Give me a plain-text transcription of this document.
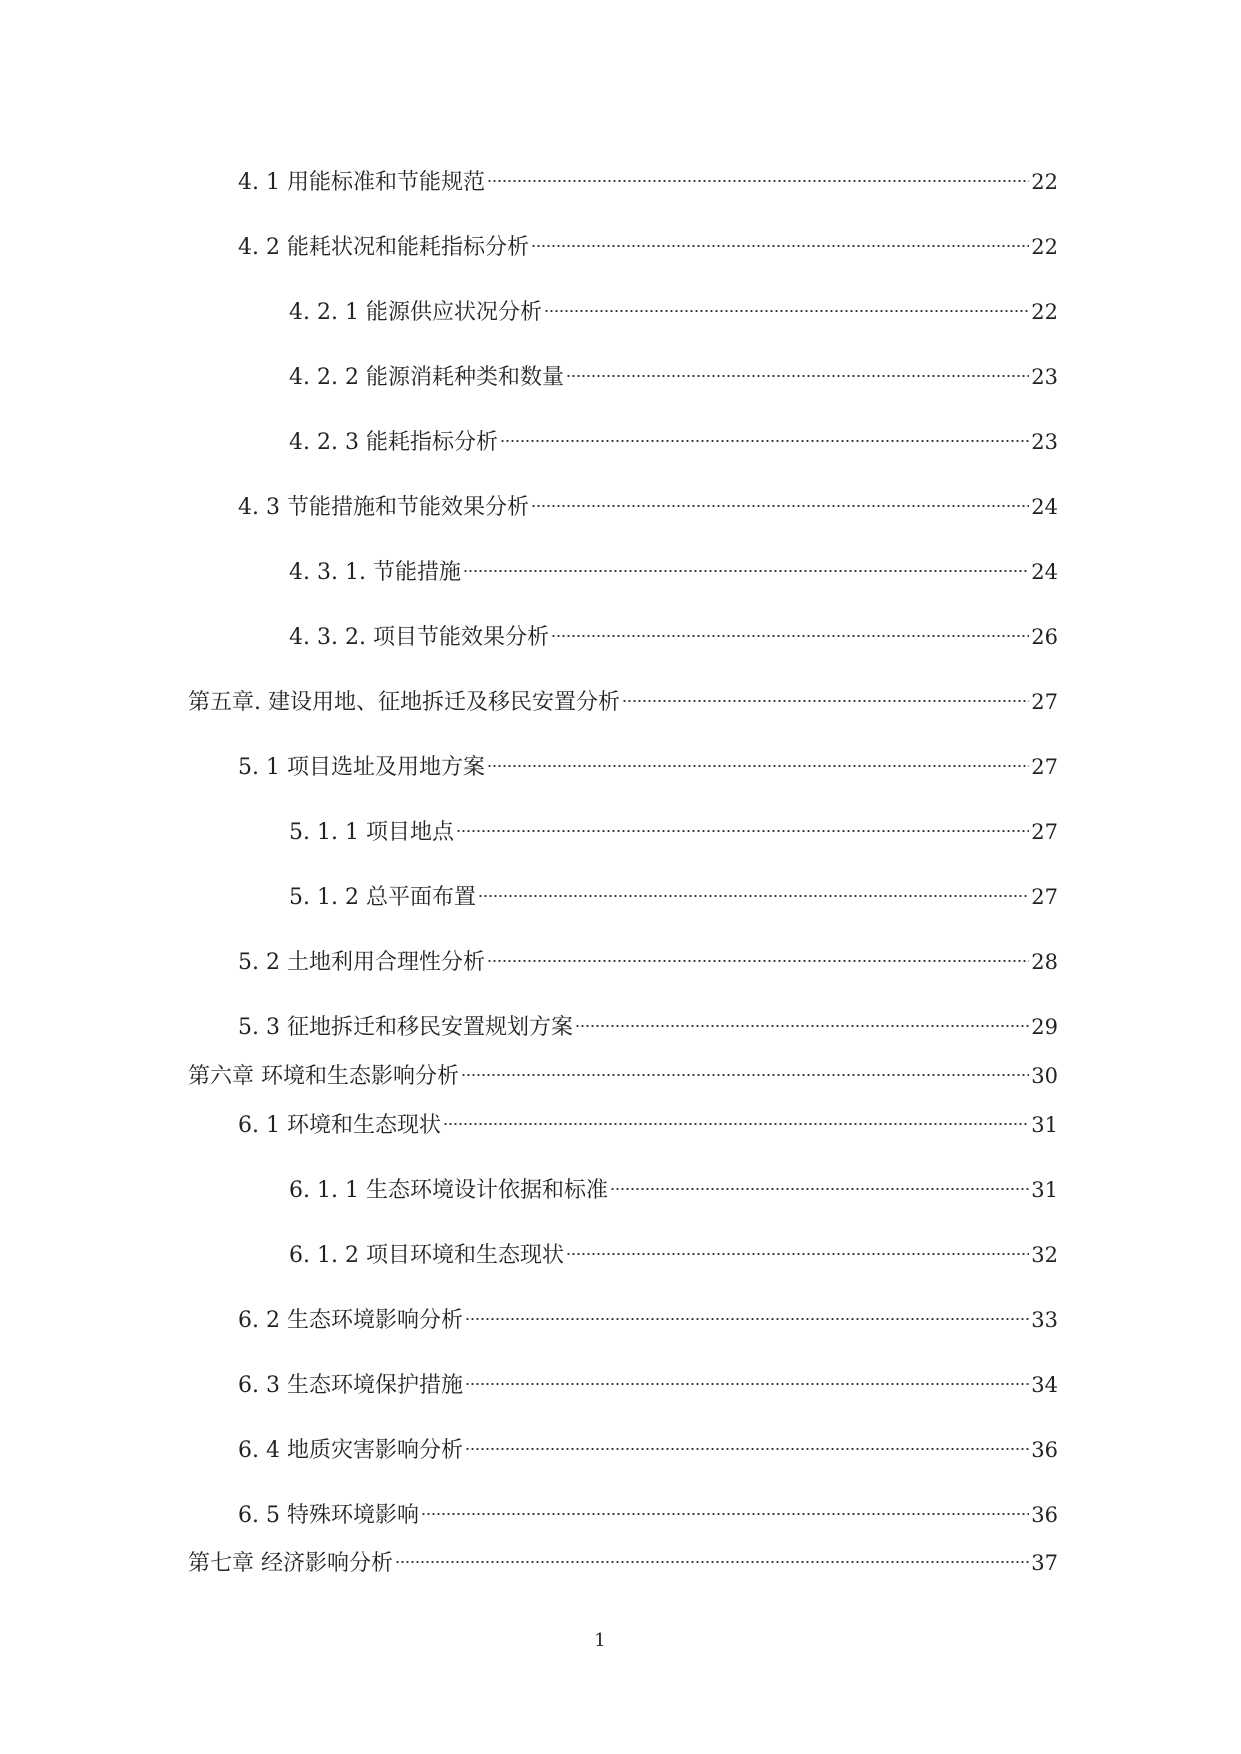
4. 1 用能标准和节能规范	22
4. 2 能耗状况和能耗指标分析	22
4. 2. 1 能源供应状况分析	22
4. 2. 2 能源消耗种类和数量	23
4. 2. 3 能耗指标分析	23
4. 3 节能措施和节能效果分析	24
4. 3. 1. 节能措施	24
4. 3. 2. 项目节能效果分析	26
第五章. 建设用地、征地拆迁及移民安置分析	27
5. 1 项目选址及用地方案	27
5. 1. 1 项目地点	27
5. 1. 2 总平面布置	27
5. 2 土地利用合理性分析	28
5. 3 征地拆迁和移民安置规划方案	29
第六章 环境和生态影响分析	30
6. 1 环境和生态现状	31
6. 1. 1 生态环境设计依据和标准	31
6. 1. 2 项目环境和生态现状	32
6. 2 生态环境影响分析	33
6. 3 生态环境保护措施	34
6. 4 地质灾害影响分析	36
6. 5 特殊环境影响	36
第七章 经济影响分析	37
1
